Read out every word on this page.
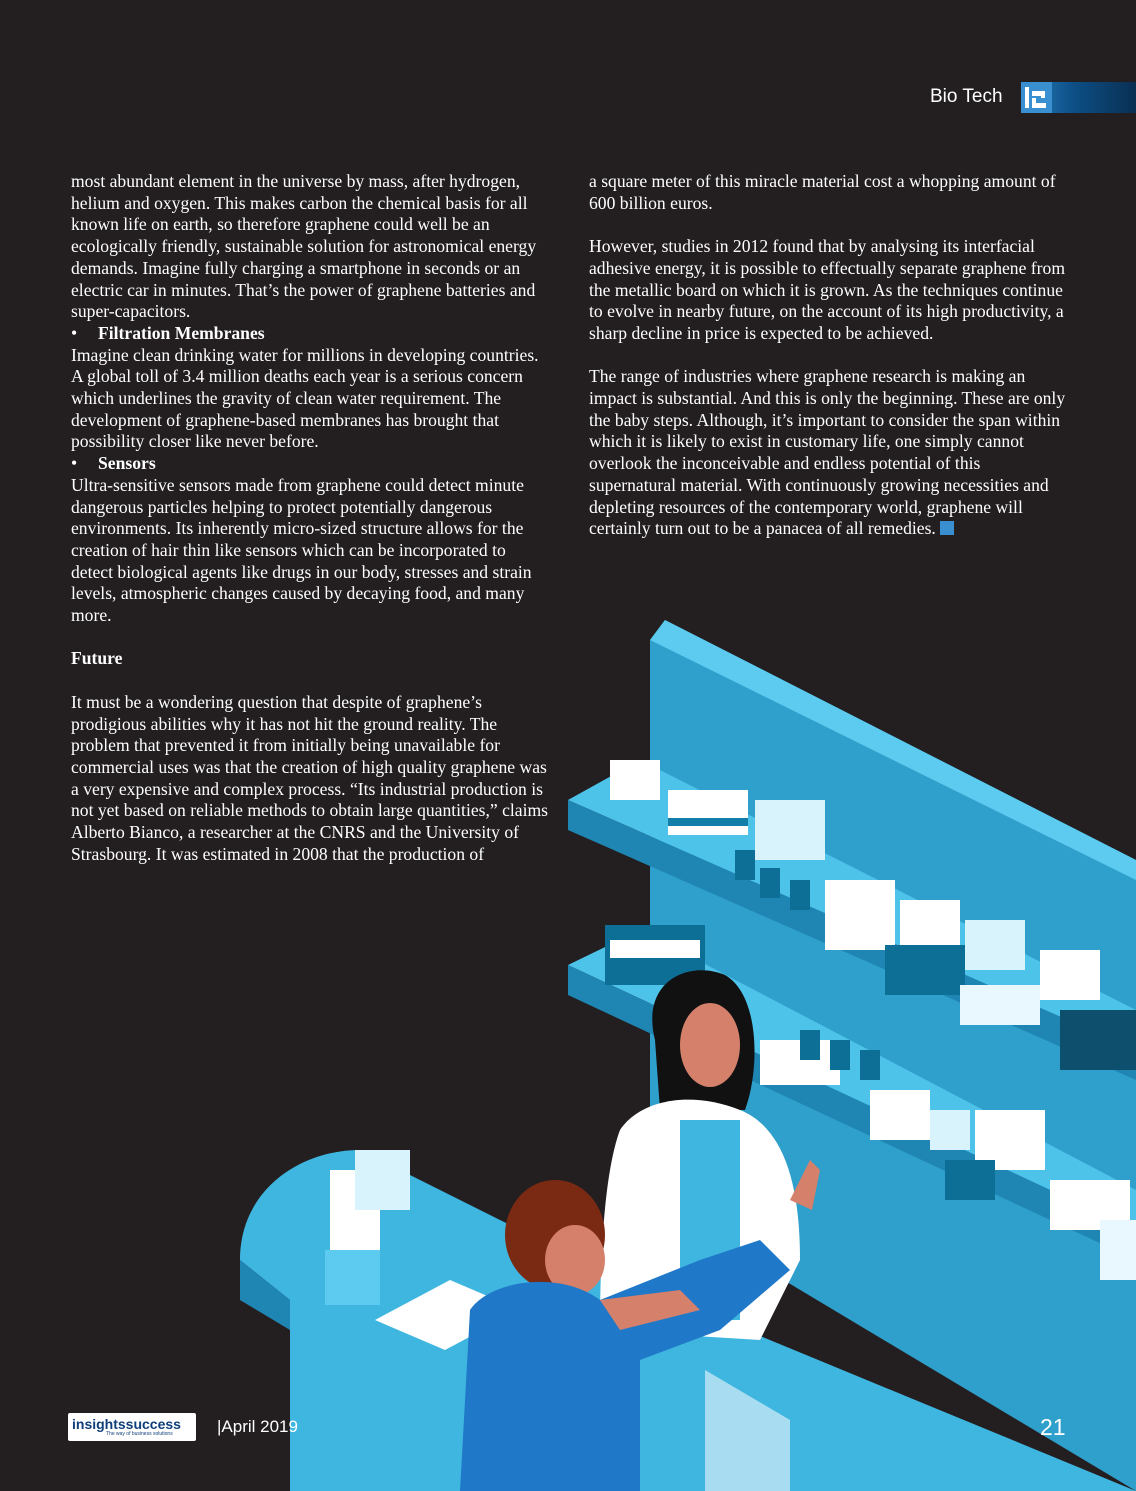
Bio Tech

most abundant element in the universe by mass, after hydrogen, helium and oxygen. This makes carbon the chemical basis for all known life on earth, so therefore graphene could well be an ecologically friendly, sustainable solution for astronomical energy demands. Imagine fully charging a smartphone in seconds or an electric car in minutes. That’s the power of graphene batteries and super-capacitors.

•	Filtration Membranes

Imagine clean drinking water for millions in developing countries. A global toll of 3.4 million deaths each year is a serious concern which underlines the gravity of clean water requirement. The development of graphene-based membranes has brought that possibility closer like never before.

•	Sensors

Ultra-sensitive sensors made from graphene could detect minute dangerous particles helping to protect potentially dangerous environments. Its inherently micro-sized structure allows for the creation of hair thin like sensors which can be incorporated to detect biological agents like drugs in our body, stresses and strain levels, atmospheric changes caused by decaying food, and many more.

Future

It must be a wondering question that despite of graphene’s prodigious abilities why it has not hit the ground reality. The problem that prevented it from initially being unavailable for commercial uses was that the creation of high quality graphene was a very expensive and complex process. “Its industrial production is not yet based on reliable methods to obtain large quantities,” claims Alberto Bianco, a researcher at the CNRS and the University of Strasbourg. It was estimated in 2008 that the production of

a square meter of this miracle material cost a whopping amount of 600 billion euros.

However, studies in 2012 found that by analysing its interfacial adhesive energy, it is possible to effectually separate graphene from the metallic board on which it is grown. As the techniques continue to evolve in nearby future, on the account of its high productivity, a sharp decline in price is expected to be achieved.

The range of industries where graphene research is making an impact is substantial. And this is only the beginning. These are only the baby steps. Although, it’s important to consider the span within which it is likely to exist in customary life, one simply cannot overlook the inconceivable and endless potential of this supernatural material. With continuously growing necessities and depleting resources of the contemporary world, graphene will certainly turn out to be a panacea of all remedies.

insightssuccess
The way of business solutions	|April 2019	21
